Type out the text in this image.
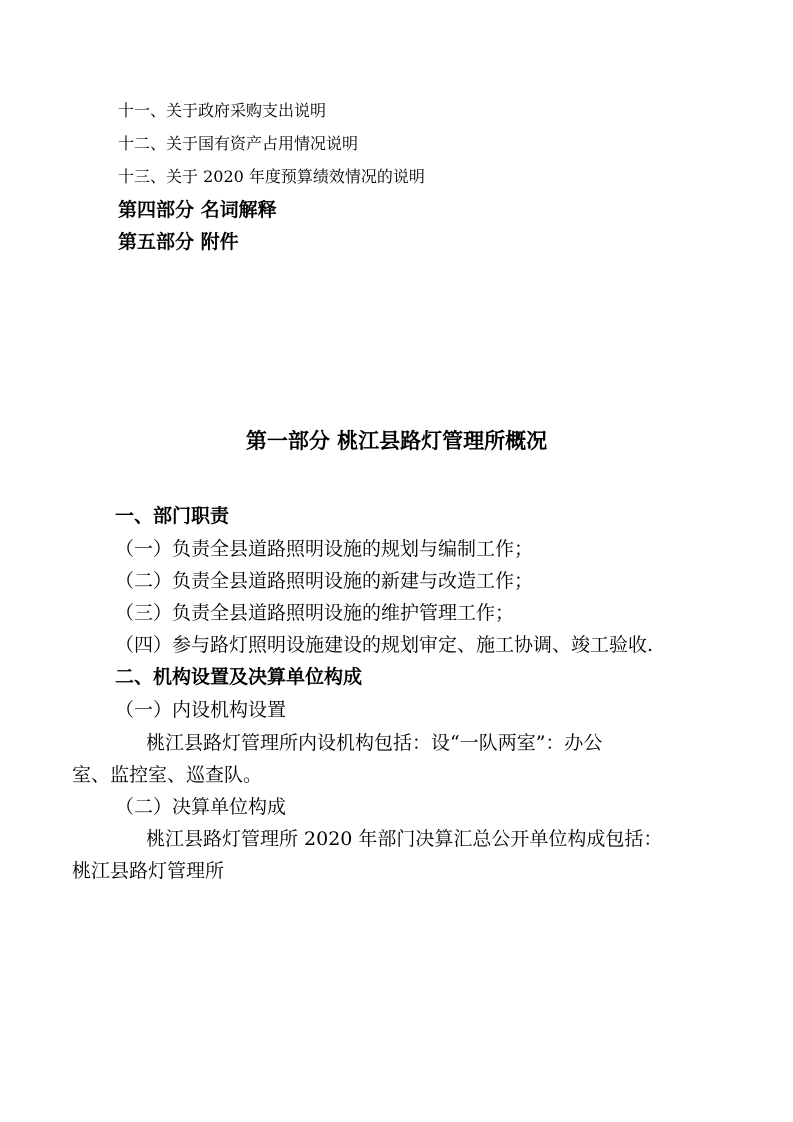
十一、关于政府采购支出说明
十二、关于国有资产占用情况说明
十三、关于 2020 年度预算绩效情况的说明
第四部分 名词解释
第五部分 附件
第一部分 桃江县路灯管理所概况
一、部门职责
（一）负责全县道路照明设施的规划与编制工作；
（二）负责全县道路照明设施的新建与改造工作；
（三）负责全县道路照明设施的维护管理工作；
（四）参与路灯照明设施建设的规划审定、施工协调、竣工验收.
二、机构设置及决算单位构成
（一）内设机构设置
桃江县路灯管理所内设机构包括：设“一队两室”：办公
室、监控室、巡查队。
（二）决算单位构成
桃江县路灯管理所 2020 年部门决算汇总公开单位构成包括：
桃江县路灯管理所
